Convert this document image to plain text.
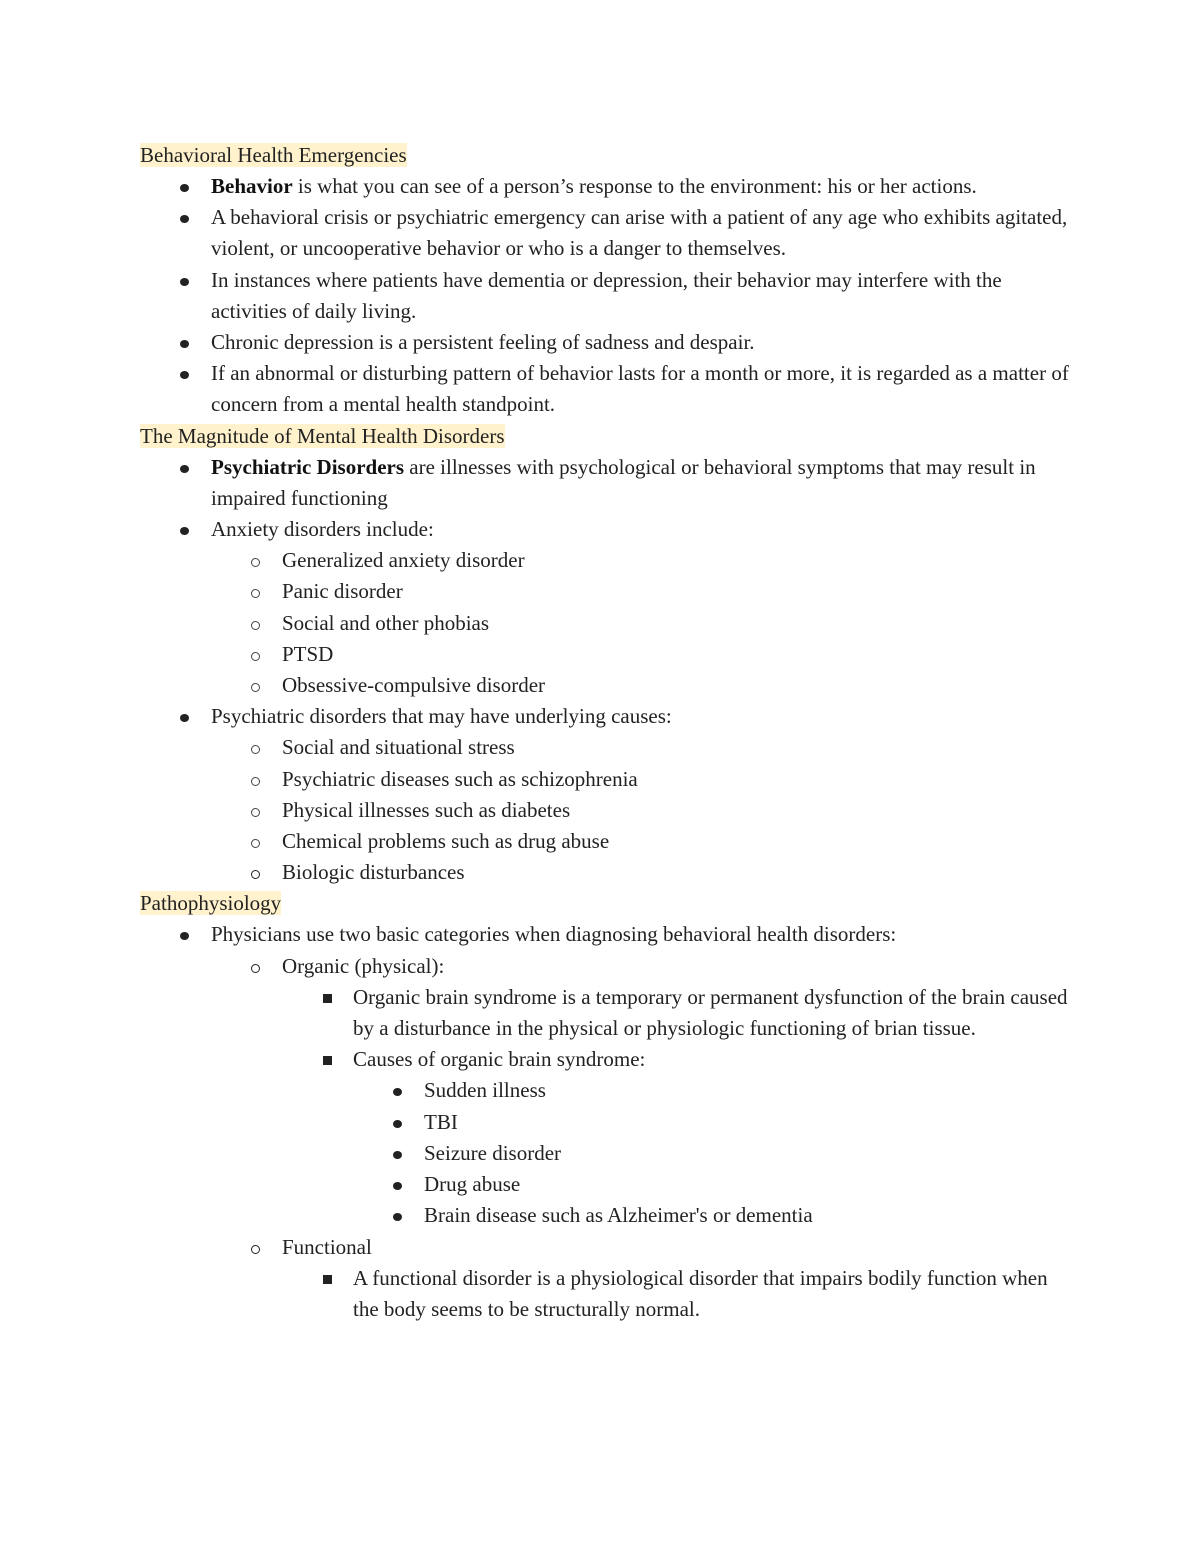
Behavioral Health Emergencies
Behavior is what you can see of a person’s response to the environment: his or her actions.
A behavioral crisis or psychiatric emergency can arise with a patient of any age who exhibits agitated, violent, or uncooperative behavior or who is a danger to themselves.
In instances where patients have dementia or depression, their behavior may interfere with the activities of daily living.
Chronic depression is a persistent feeling of sadness and despair.
If an abnormal or disturbing pattern of behavior lasts for a month or more, it is regarded as a matter of concern from a mental health standpoint.
The Magnitude of Mental Health Disorders
Psychiatric Disorders are illnesses with psychological or behavioral symptoms that may result in impaired functioning
Anxiety disorders include:
Generalized anxiety disorder
Panic disorder
Social and other phobias
PTSD
Obsessive-compulsive disorder
Psychiatric disorders that may have underlying causes:
Social and situational stress
Psychiatric diseases such as schizophrenia
Physical illnesses such as diabetes
Chemical problems such as drug abuse
Biologic disturbances
Pathophysiology
Physicians use two basic categories when diagnosing behavioral health disorders:
Organic (physical):
Organic brain syndrome is a temporary or permanent dysfunction of the brain caused by a disturbance in the physical or physiologic functioning of brian tissue.
Causes of organic brain syndrome:
Sudden illness
TBI
Seizure disorder
Drug abuse
Brain disease such as Alzheimer's or dementia
Functional
A functional disorder is a physiological disorder that impairs bodily function when the body seems to be structurally normal.
